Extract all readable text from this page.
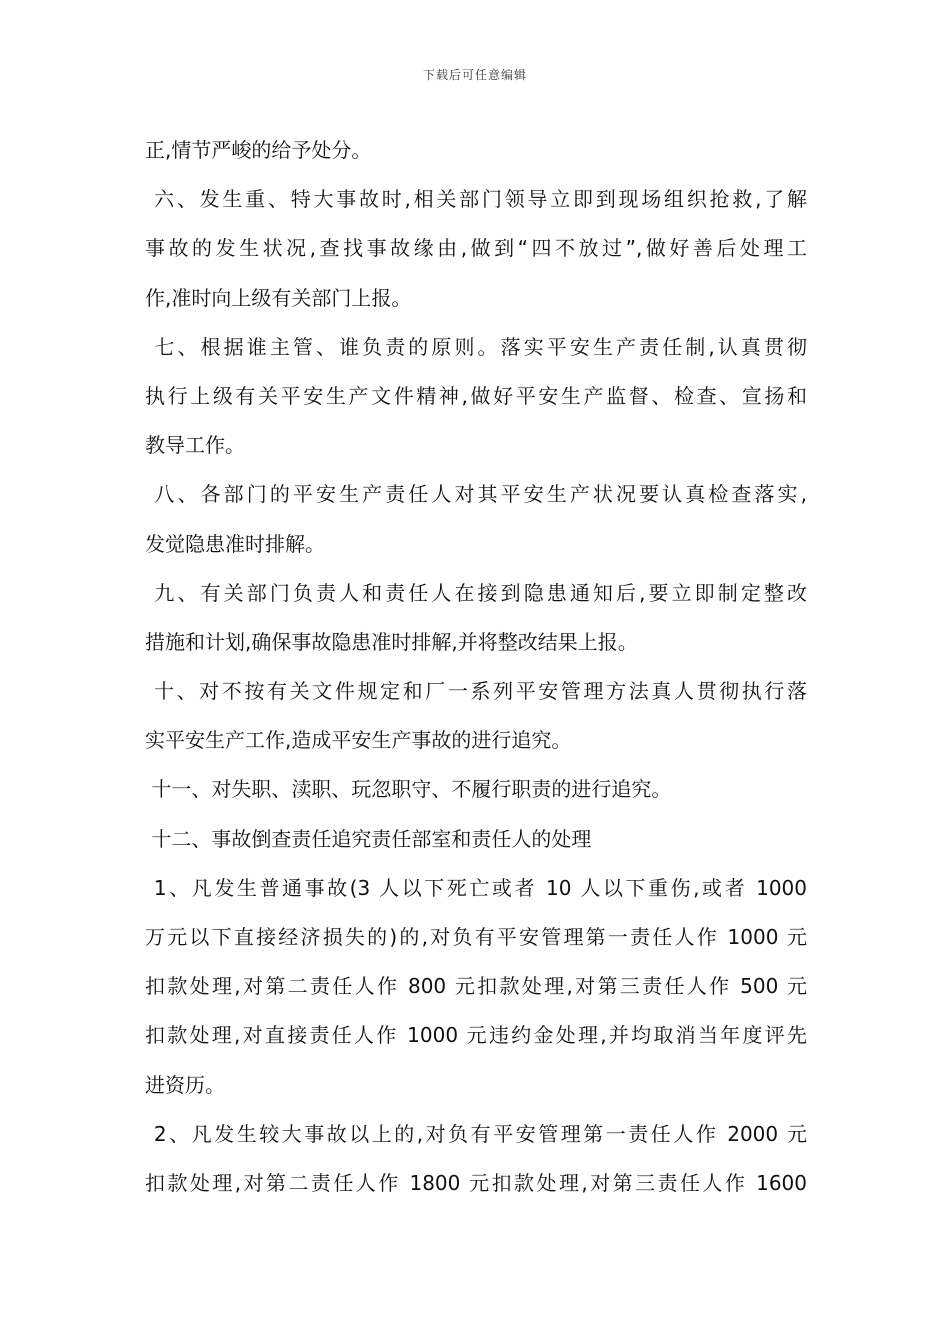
下载后可任意编辑
正,情节严峻的给予处分。
六、发生重、特大事故时,相关部门领导立即到现场组织抢救,了解
事故的发生状况,查找事故缘由,做到“四不放过”,做好善后处理工
作,准时向上级有关部门上报。
七、根据谁主管、谁负责的原则。落实平安生产责任制,认真贯彻
执行上级有关平安生产文件精神,做好平安生产监督、检查、宣扬和
教导工作。
八、各部门的平安生产责任人对其平安生产状况要认真检查落实,
发觉隐患准时排解。
九、有关部门负责人和责任人在接到隐患通知后,要立即制定整改
措施和计划,确保事故隐患准时排解,并将整改结果上报。
十、对不按有关文件规定和厂一系列平安管理方法真人贯彻执行落
实平安生产工作,造成平安生产事故的进行追究。
十一、对失职、渎职、玩忽职守、不履行职责的进行追究。
十二、事故倒查责任追究责任部室和责任人的处理
1、凡发生普通事故(3 人以下死亡或者 10 人以下重伤,或者 1000
万元以下直接经济损失的)的,对负有平安管理第一责任人作 1000 元
扣款处理,对第二责任人作 800 元扣款处理,对第三责任人作 500 元
扣款处理,对直接责任人作 1000 元违约金处理,并均取消当年度评先
进资历。
2、凡发生较大事故以上的,对负有平安管理第一责任人作 2000 元
扣款处理,对第二责任人作 1800 元扣款处理,对第三责任人作 1600
